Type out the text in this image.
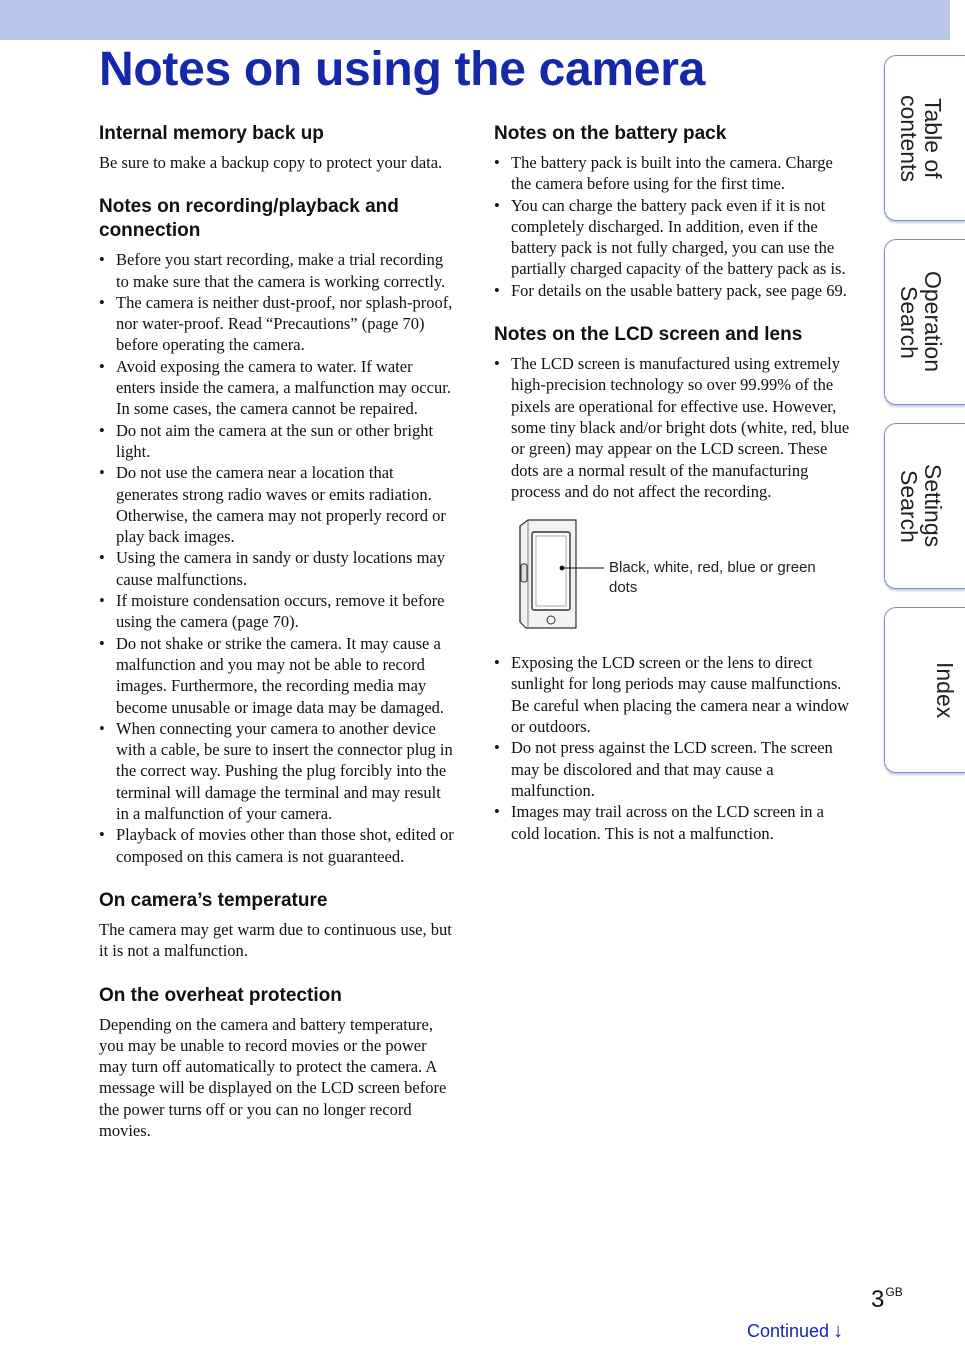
Notes on using the camera
Table of
contents
Operation
Search
Settings
Search
Index
Internal memory back up

Be sure to make a backup copy to protect your data.

Notes on recording/playback and connection
• Before you start recording, make a trial recording to make sure that the camera is working correctly.
• The camera is neither dust-proof, nor splash-proof, nor water-proof. Read “Precautions” (page 70) before operating the camera.
• Avoid exposing the camera to water. If water enters inside the camera, a malfunction may occur. In some cases, the camera cannot be repaired.
• Do not aim the camera at the sun or other bright light.
• Do not use the camera near a location that generates strong radio waves or emits radiation. Otherwise, the camera may not properly record or play back images.
• Using the camera in sandy or dusty locations may cause malfunctions.
• If moisture condensation occurs, remove it before using the camera (page 70).
• Do not shake or strike the camera. It may cause a malfunction and you may not be able to record images. Furthermore, the recording media may become unusable or image data may be damaged.
• When connecting your camera to another device with a cable, be sure to insert the connector plug in the correct way. Pushing the plug forcibly into the terminal will damage the terminal and may result in a malfunction of your camera.
• Playback of movies other than those shot, edited or composed on this camera is not guaranteed.
On camera’s temperature

The camera may get warm due to continuous use, but it is not a malfunction.

On the overheat protection

Depending on the camera and battery temperature, you may be unable to record movies or the power may turn off automatically to protect the camera. A message will be displayed on the LCD screen before the power turns off or you can no longer record movies.

Notes on the battery pack
• The battery pack is built into the camera. Charge the camera before using for the first time.
• You can charge the battery pack even if it is not completely discharged. In addition, even if the battery pack is not fully charged, you can use the partially charged capacity of the battery pack as is.
• For details on the usable battery pack, see page 69.
Notes on the LCD screen and lens
• The LCD screen is manufactured using extremely high-precision technology so over 99.99% of the pixels are operational for effective use. However, some tiny black and/or bright dots (white, red, blue or green) may appear on the LCD screen. These dots are a normal result of the manufacturing process and do not affect the recording.
Black, white, red, blue or green dots
• Exposing the LCD screen or the lens to direct sunlight for long periods may cause malfunctions. Be careful when placing the camera near a window or outdoors.
• Do not press against the LCD screen. The screen may be discolored and that may cause a malfunction.
• Images may trail across on the LCD screen in a cold location. This is not a malfunction.
$3^{GB}$
Continued ↓
